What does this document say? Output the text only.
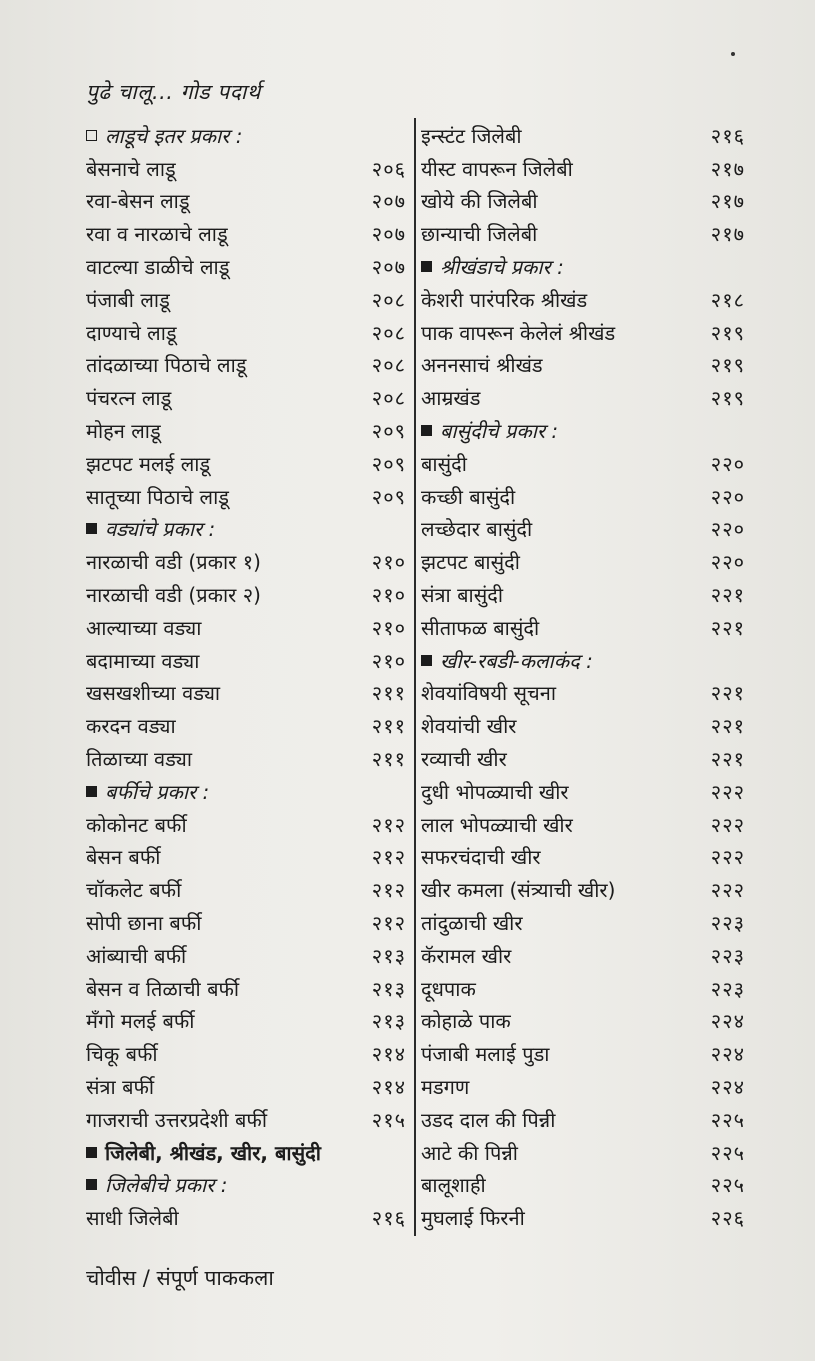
पुढे चालू... गोड पदार्थ
लाडूचे इतर प्रकार :
बेसनाचे लाडू	२०६
रवा-बेसन लाडू	२०७
रवा व नारळाचे लाडू	२०७
वाटल्या डाळीचे लाडू	२०७
पंजाबी लाडू	२०८
दाण्याचे लाडू	२०८
तांदळाच्या पिठाचे लाडू	२०८
पंचरत्न लाडू	२०८
मोहन लाडू	२०९
झटपट मलई लाडू	२०९
सातूच्या पिठाचे लाडू	२०९
वड्यांचे प्रकार :
नारळाची वडी (प्रकार १)	२१०
नारळाची वडी (प्रकार २)	२१०
आल्याच्या वड्या	२१०
बदामाच्या वड्या	२१०
खसखशीच्या वड्या	२११
करदन वड्या	२११
तिळाच्या वड्या	२११
बर्फीचे प्रकार :
कोकोनट बर्फी	२१२
बेसन बर्फी	२१२
चॉकलेट बर्फी	२१२
सोपी छाना बर्फी	२१२
आंब्याची बर्फी	२१३
बेसन व तिळाची बर्फी	२१३
मँगो मलई बर्फी	२१३
चिकू बर्फी	२१४
संत्रा बर्फी	२१४
गाजराची उत्तरप्रदेशी बर्फी	२१५
जिलेबी, श्रीखंड, खीर, बासुंदी
जिलेबीचे प्रकार :
साधी जिलेबी	२१६
इन्स्टंट जिलेबी	२१६
यीस्ट वापरून जिलेबी	२१७
खोये की जिलेबी	२१७
छान्याची जिलेबी	२१७
श्रीखंडाचे प्रकार :
केशरी पारंपरिक श्रीखंड	२१८
पाक वापरून केलेलं श्रीखंड	२१९
अननसाचं श्रीखंड	२१९
आम्रखंड	२१९
बासुंदीचे प्रकार :
बासुंदी	२२०
कच्छी बासुंदी	२२०
लच्छेदार बासुंदी	२२०
झटपट बासुंदी	२२०
संत्रा बासुंदी	२२१
सीताफळ बासुंदी	२२१
खीर-रबडी-कलाकंद :
शेवयांविषयी सूचना	२२१
शेवयांची खीर	२२१
रव्याची खीर	२२१
दुधी भोपळ्याची खीर	२२२
लाल भोपळ्याची खीर	२२२
सफरचंदाची खीर	२२२
खीर कमला (संत्र्याची खीर)	२२२
तांदुळाची खीर	२२३
कॅरामल खीर	२२३
दूधपाक	२२३
कोहाळे पाक	२२४
पंजाबी मलाई पुडा	२२४
मडगण	२२४
उडद दाल की पिन्नी	२२५
आटे की पिन्नी	२२५
बालूशाही	२२५
मुघलाई फिरनी	२२६
चोवीस / संपूर्ण पाककला
